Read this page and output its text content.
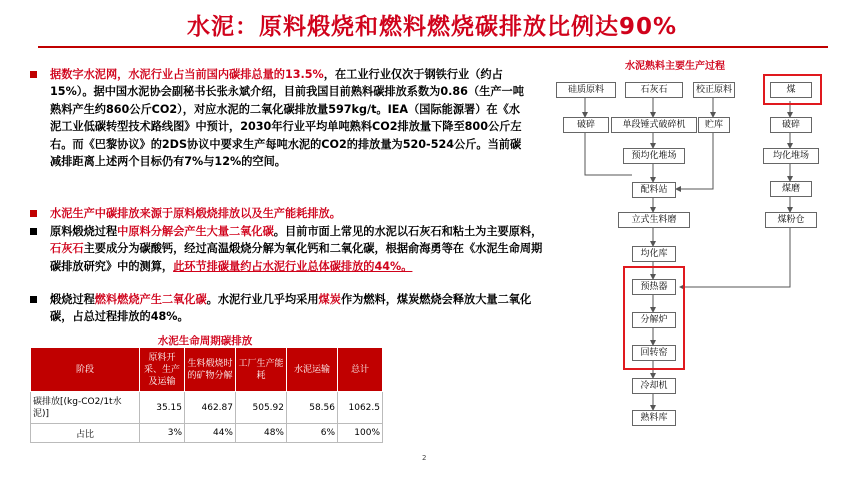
水泥：原料煅烧和燃料燃烧碳排放比例达90%
据数字水泥网，水泥行业占当前国内碳排总量的13.5%，在工业行业仅次于钢铁行业（约占15%）。据中国水泥协会副秘书长张永斌介绍，目前我国目前熟料碳排放系数为0.86（生产一吨熟料产生约860公斤CO2），对应水泥的二氧化碳排放量597kg/t。IEA（国际能源署）在《水泥工业低碳转型技术路线图》中预计，2030年行业平均单吨熟料CO2排放量下降至800公斤左右。而《巴黎协议》的2DS协议中要求生产每吨水泥的CO2的排放量为520-524公斤。当前碳减排距离上述两个目标仍有7%与12%的空间。
水泥生产中碳排放来源于原料煅烧排放以及生产能耗排放。
原料煅烧过程中原料分解会产生大量二氧化碳。目前市面上常见的水泥以石灰石和粘土为主要原料，石灰石主要成分为碳酸钙，经过高温煅烧分解为氧化钙和二氧化碳，根据俞海勇等在《水泥生命周期碳排放研究》中的测算，此环节排碳量约占水泥行业总体碳排放的44%。
煅烧过程燃料燃烧产生二氧化碳。水泥行业几乎均采用煤炭作为燃料，煤炭燃烧会释放大量二氧化碳，占总过程排放的48%。
水泥生命周期碳排放
阶段	原料开采、生产及运输	生料煅烧时的矿物分解	工厂生产能耗	水泥运输	总计
碳排放[(kg-CO2/1t水泥)]	35.15	462.87	505.92	58.56	1062.5
占比	3%	44%	48%	6%	100%
水泥熟料主要生产过程
硅质原料	石灰石	校正原料	煤
破碎	单段锤式破碎机	贮库	破碎
预均化堆场	均化堆场
配料站	煤磨
立式生料磨	煤粉仓
均化库
预热器
分解炉
回转窑
冷却机
熟料库
2
